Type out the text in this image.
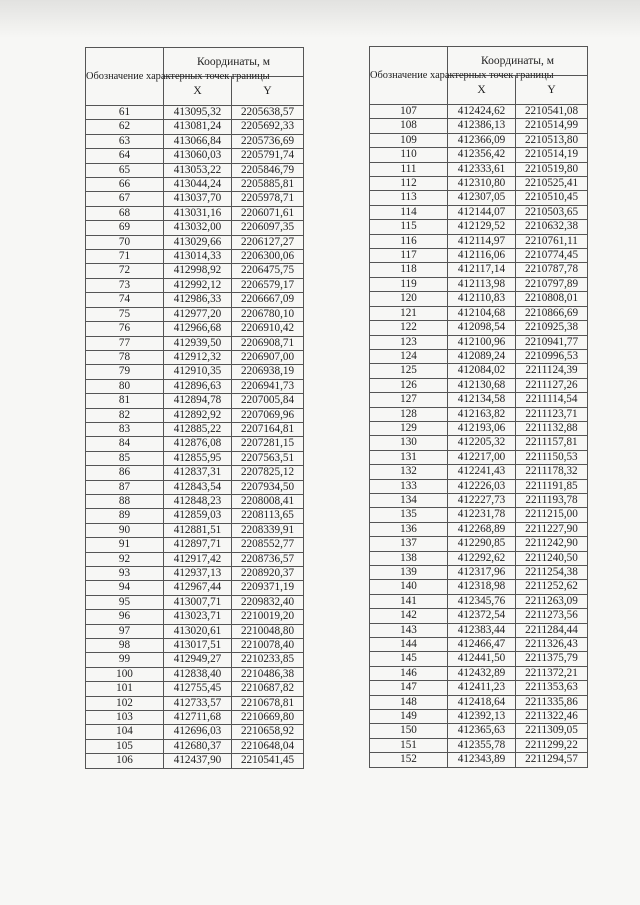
Обозначение характерных точек границы	Координаты, м	
	X	Y
61	413095,32	2205638,57
62	413081,24	2205692,33
63	413066,84	2205736,69
64	413060,03	2205791,74
65	413053,22	2205846,79
66	413044,24	2205885,81
67	413037,70	2205978,71
68	413031,16	2206071,61
69	413032,00	2206097,35
70	413029,66	2206127,27
71	413014,33	2206300,06
72	412998,92	2206475,75
73	412992,12	2206579,17
74	412986,33	2206667,09
75	412977,20	2206780,10
76	412966,68	2206910,42
77	412939,50	2206908,71
78	412912,32	2206907,00
79	412910,35	2206938,19
80	412896,63	2206941,73
81	412894,78	2207005,84
82	412892,92	2207069,96
83	412885,22	2207164,81
84	412876,08	2207281,15
85	412855,95	2207563,51
86	412837,31	2207825,12
87	412843,54	2207934,50
88	412848,23	2208008,41
89	412859,03	2208113,65
90	412881,51	2208339,91
91	412897,71	2208552,77
92	412917,42	2208736,57
93	412937,13	2208920,37
94	412967,44	2209371,19
95	413007,71	2209832,40
96	413023,71	2210019,20
97	413020,61	2210048,80
98	413017,51	2210078,40
99	412949,27	2210233,85
100	412838,40	2210486,38
101	412755,45	2210687,82
102	412733,57	2210678,81
103	412711,68	2210669,80
104	412696,03	2210658,92
105	412680,37	2210648,04
106	412437,90	2210541,45
Обозначение характерных точек границы	Координаты, м	
	X	Y
107	412424,62	2210541,08
108	412386,13	2210514,99
109	412366,09	2210513,80
110	412356,42	2210514,19
111	412333,61	2210519,80
112	412310,80	2210525,41
113	412307,05	2210510,45
114	412144,07	2210503,65
115	412129,52	2210632,38
116	412114,97	2210761,11
117	412116,06	2210774,45
118	412117,14	2210787,78
119	412113,98	2210797,89
120	412110,83	2210808,01
121	412104,68	2210866,69
122	412098,54	2210925,38
123	412100,96	2210941,77
124	412089,24	2210996,53
125	412084,02	2211124,39
126	412130,68	2211127,26
127	412134,58	2211114,54
128	412163,82	2211123,71
129	412193,06	2211132,88
130	412205,32	2211157,81
131	412217,00	2211150,53
132	412241,43	2211178,32
133	412226,03	2211191,85
134	412227,73	2211193,78
135	412231,78	2211215,00
136	412268,89	2211227,90
137	412290,85	2211242,90
138	412292,62	2211240,50
139	412317,96	2211254,38
140	412318,98	2211252,62
141	412345,76	2211263,09
142	412372,54	2211273,56
143	412383,44	2211284,44
144	412466,47	2211326,43
145	412441,50	2211375,79
146	412432,89	2211372,21
147	412411,23	2211353,63
148	412418,64	2211335,86
149	412392,13	2211322,46
150	412365,63	2211309,05
151	412355,78	2211299,22
152	412343,89	2211294,57
